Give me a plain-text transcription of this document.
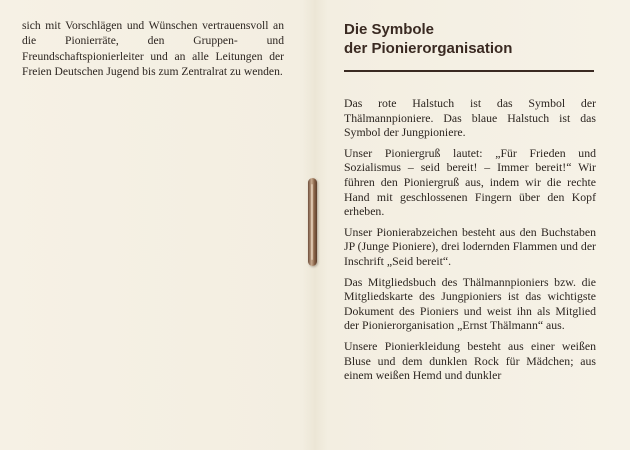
sich mit Vorschlägen und Wünschen vertrauensvoll an die Pionierräte, den Gruppen- und Freundschaftspionierleiter und an alle Leitungen der Freien Deutschen Jugend bis zum Zentralrat zu wenden.

Die Symbole
der Pionierorganisation

Das rote Halstuch ist das Symbol der Thälmannpioniere. Das blaue Halstuch ist das Symbol der Jungpioniere.

Unser Pioniergruß lautet: „Für Frieden und Sozialismus – seid bereit! – Immer bereit!“ Wir führen den Pioniergruß aus, indem wir die rechte Hand mit geschlossenen Fingern über den Kopf erheben.

Unser Pionierabzeichen besteht aus den Buchstaben JP (Junge Pioniere), drei lodernden Flammen und der Inschrift „Seid bereit“.

Das Mitgliedsbuch des Thälmannpioniers bzw. die Mitgliedskarte des Jungpioniers ist das wichtigste Dokument des Pioniers und weist ihn als Mitglied der Pionierorganisation „Ernst Thälmann“ aus.

Unsere Pionierkleidung besteht aus einer weißen Bluse und dem dunklen Rock für Mädchen; aus einem weißen Hemd und dunkler
